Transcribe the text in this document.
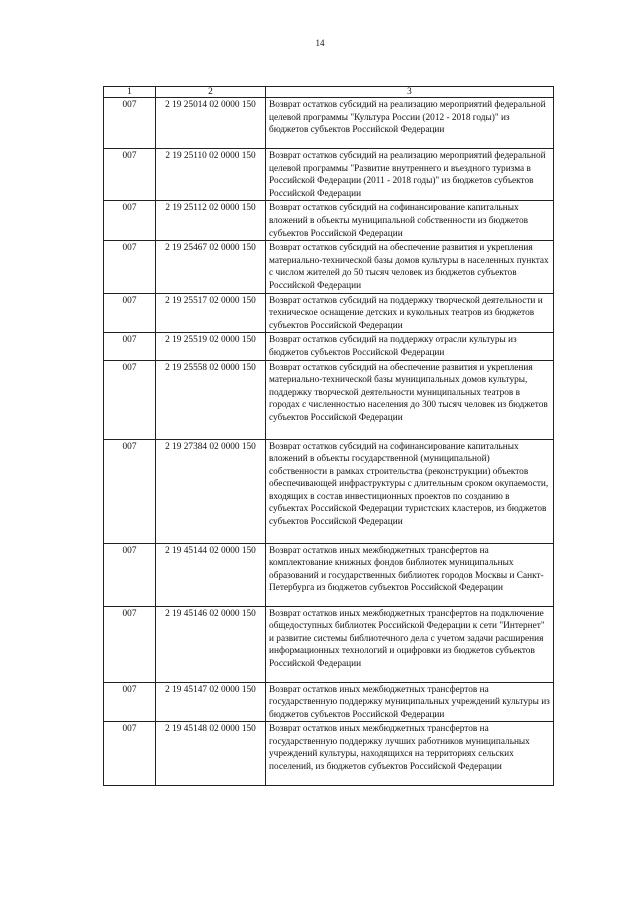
14
1	2	3
007	2 19 25014 02 0000 150	Возврат остатков субсидий на реализацию мероприятий федеральной целевой программы "Культура России (2012 - 2018 годы)" из бюджетов субъектов Российской Федерации
007	2 19 25110 02 0000 150	Возврат остатков субсидий на реализацию мероприятий федеральной целевой программы "Развитие внутреннего и въездного туризма в Российской Федерации (2011 - 2018 годы)" из бюджетов субъектов Российской Федерации
007	2 19 25112 02 0000 150	Возврат остатков субсидий на софинансирование капитальных вложений в объекты муниципальной собственности из бюджетов субъектов Российской Федерации
007	2 19 25467 02 0000 150	Возврат остатков субсидий на обеспечение развития и укрепления материально-технической базы домов культуры в населенных пунктах с числом жителей до 50 тысяч человек из бюджетов субъектов Российской Федерации
007	2 19 25517 02 0000 150	Возврат остатков субсидий на поддержку творческой деятельности и техническое оснащение детских и кукольных театров из бюджетов субъектов Российской Федерации
007	2 19 25519 02 0000 150	Возврат остатков субсидий на поддержку отрасли культуры из бюджетов субъектов Российской Федерации
007	2 19 25558 02 0000 150	Возврат остатков субсидий на обеспечение развития и укрепления материально-технической базы муниципальных домов культуры, поддержку творческой деятельности муниципальных театров в городах с численностью населения до 300 тысяч человек из бюджетов субъектов Российской Федерации
007	2 19 27384 02 0000 150	Возврат остатков субсидий на софинансирование капитальных вложений в объекты государственной (муниципальной) собственности в рамках строительства (реконструкции) объектов обеспечивающей инфраструктуры с длительным сроком окупаемости, входящих в состав инвестиционных проектов по созданию в субъектах Российской Федерации туристских кластеров, из бюджетов субъектов Российской Федерации
007	2 19 45144 02 0000 150	Возврат остатков иных межбюджетных трансфертов на комплектование книжных фондов библиотек муниципальных образований и государственных библиотек городов Москвы и Санкт-Петербурга из бюджетов субъектов Российской Федерации
007	2 19 45146 02 0000 150	Возврат остатков иных межбюджетных трансфертов на подключение общедоступных библиотек Российской Федерации к сети "Интернет" и развитие системы библиотечного дела с учетом задачи расширения информационных технологий и оцифровки из бюджетов субъектов Российской Федерации
007	2 19 45147 02 0000 150	Возврат остатков иных межбюджетных трансфертов на государственную поддержку муниципальных учреждений культуры из бюджетов субъектов Российской Федерации
007	2 19 45148 02 0000 150	Возврат остатков иных межбюджетных трансфертов на государственную поддержку лучших работников муниципальных учреждений культуры, находящихся на территориях сельских поселений, из бюджетов субъектов Российской Федерации
